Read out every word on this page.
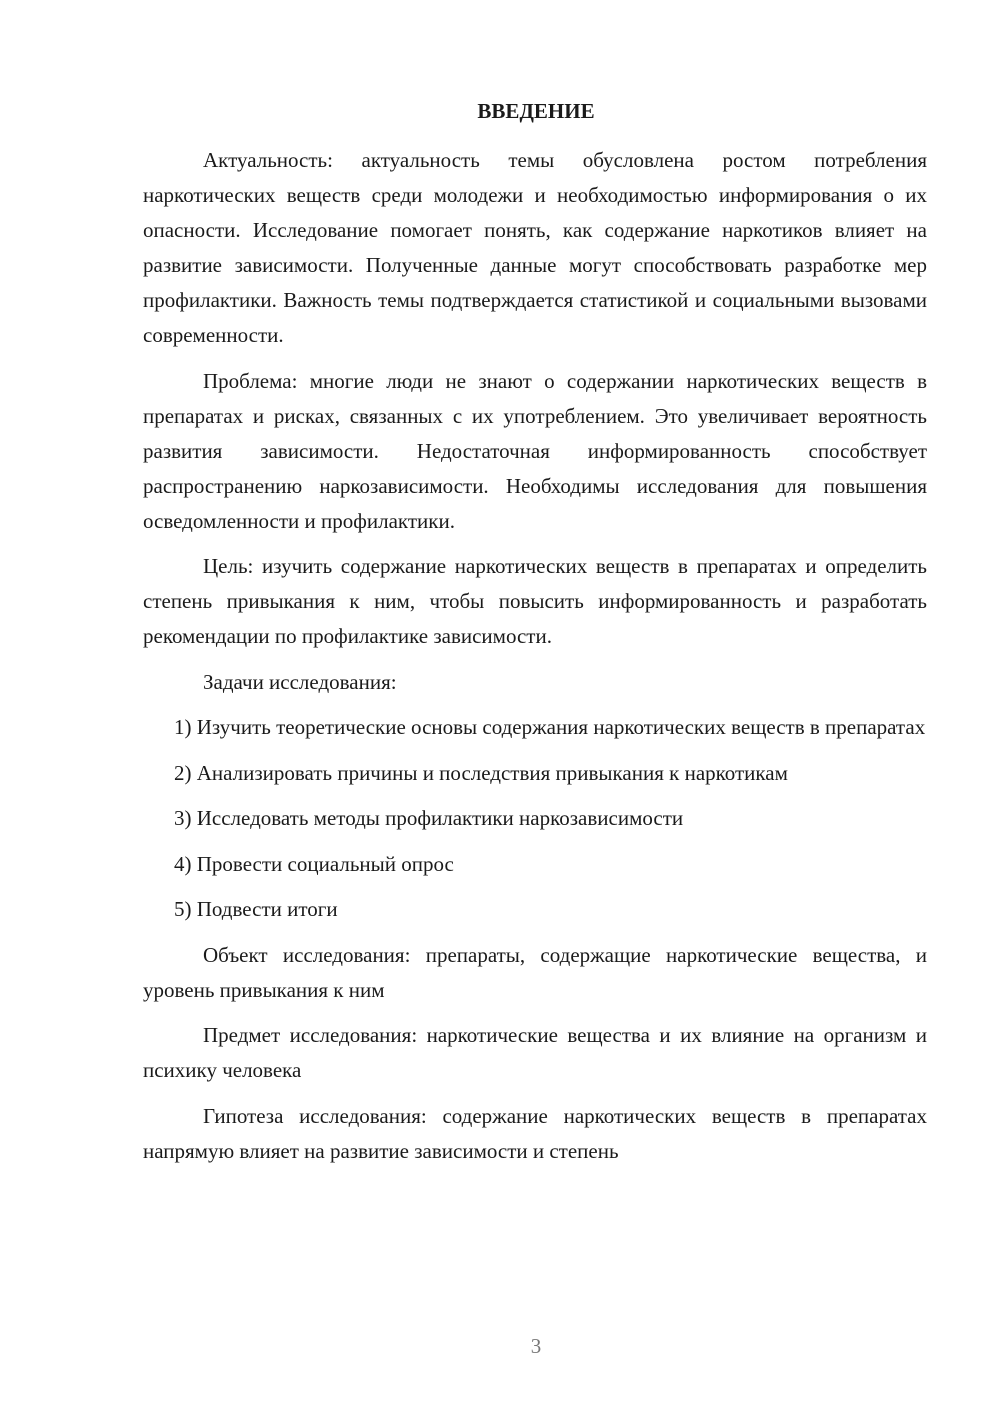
ВВЕДЕНИЕ

Актуальность: актуальность темы обусловлена ростом потребления наркотических веществ среди молодежи и необходимостью информирования о их опасности. Исследование помогает понять, как содержание наркотиков влияет на развитие зависимости. Полученные данные могут способствовать разработке мер профилактики. Важность темы подтверждается статистикой и социальными вызовами современности.

Проблема: многие люди не знают о содержании наркотических веществ в препаратах и рисках, связанных с их употреблением. Это увеличивает вероятность развития зависимости. Недостаточная информированность способствует распространению наркозависимости. Необходимы исследования для повышения осведомленности и профилактики.

Цель: изучить содержание наркотических веществ в препаратах и определить степень привыкания к ним, чтобы повысить информированность и разработать рекомендации по профилактике зависимости.

Задачи исследования:

1) Изучить теоретические основы содержания наркотических веществ в препаратах

2) Анализировать причины и последствия привыкания к наркотикам

3) Исследовать методы профилактики наркозависимости

4) Провести социальный опрос

5) Подвести итоги

Объект исследования: препараты, содержащие наркотические вещества, и уровень привыкания к ним

Предмет исследования: наркотические вещества и их влияние на организм и психику человека

Гипотеза исследования: содержание наркотических веществ в препаратах напрямую влияет на развитие зависимости и степень

3
